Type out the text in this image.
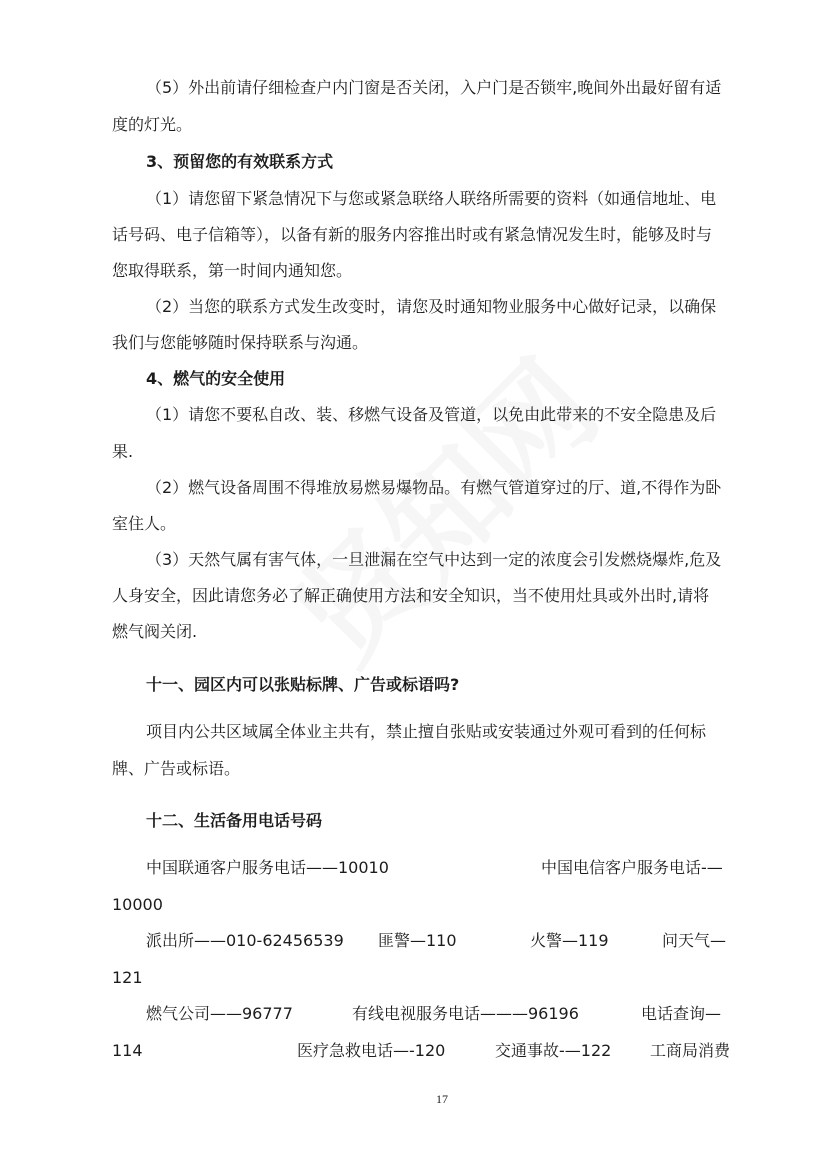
（5）外出前请仔细检查户内门窗是否关闭，入户门是否锁牢,晚间外出最好留有适
度的灯光。
3、预留您的有效联系方式
（1）请您留下紧急情况下与您或紧急联络人联络所需要的资料（如通信地址、电
话号码、电子信箱等），以备有新的服务内容推出时或有紧急情况发生时，能够及时与
您取得联系，第一时间内通知您。
（2）当您的联系方式发生改变时，请您及时通知物业服务中心做好记录，以确保
我们与您能够随时保持联系与沟通。
4、燃气的安全使用
（1）请您不要私自改、装、移燃气设备及管道，以免由此带来的不安全隐患及后
果.
（2）燃气设备周围不得堆放易燃易爆物品。有燃气管道穿过的厅、道,不得作为卧
室住人。
（3）天然气属有害气体，一旦泄漏在空气中达到一定的浓度会引发燃烧爆炸,危及
人身安全，因此请您务必了解正确使用方法和安全知识，当不使用灶具或外出时,请将
燃气阀关闭.
十一、园区内可以张贴标牌、广告或标语吗?
项目内公共区域属全体业主共有，禁止擅自张贴或安装通过外观可看到的任何标
牌、广告或标语。
十二、生活备用电话号码
中国联通客户服务电话——10010	中国电信客户服务电话-—
10000
派出所——010-62456539 匪警—110	火警—119	问天气—
121
燃气公司——96777	有线电视服务电话———96196	电话查询—
114	医疗急救电话—-120	交通事故-—122 工商局消费
17
